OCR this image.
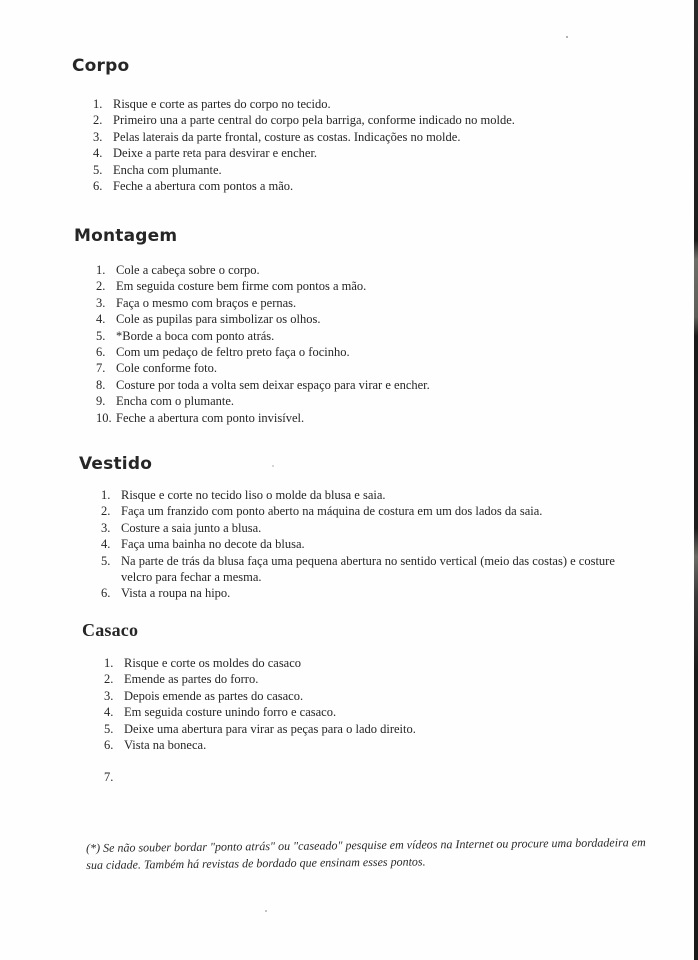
Corpo
1. Risque e corte as partes do corpo no tecido.
2. Primeiro una a parte central do corpo pela barriga, conforme indicado no molde.
3. Pelas laterais da parte frontal, costure as costas. Indicações no molde.
4. Deixe a parte reta para desvirar e encher.
5. Encha com plumante.
6. Feche a abertura com pontos a mão.
Montagem
1. Cole a cabeça sobre o corpo.
2. Em seguida costure bem firme com pontos a mão.
3. Faça o mesmo com braços e pernas.
4. Cole as pupilas para simbolizar os olhos.
5. *Borde a boca com ponto atrás.
6. Com um pedaço de feltro preto faça o focinho.
7. Cole conforme foto.
8. Costure por toda a volta sem deixar espaço para virar e encher.
9. Encha com o plumante.
10. Feche a abertura com ponto invisível.
Vestido
1. Risque e corte no tecido liso o molde da blusa e saia.
2. Faça um franzido com ponto aberto na máquina de costura em um dos lados da saia.
3. Costure a saia junto a blusa.
4. Faça uma bainha no decote da blusa.
5. Na parte de trás da blusa faça uma pequena abertura no sentido vertical (meio das costas) e costure velcro para fechar a mesma.
6. Vista a roupa na hipo.
Casaco
1. Risque e corte os moldes do casaco
2. Emende as partes do forro.
3. Depois emende as partes do casaco.
4. Em seguida costure unindo forro e casaco.
5. Deixe uma abertura para virar as peças para o lado direito.
6. Vista na boneca.
7.

(*) Se não souber bordar "ponto atrás" ou "caseado" pesquise em vídeos na Internet ou procure uma bordadeira em sua cidade. Também há revistas de bordado que ensinam esses pontos.
